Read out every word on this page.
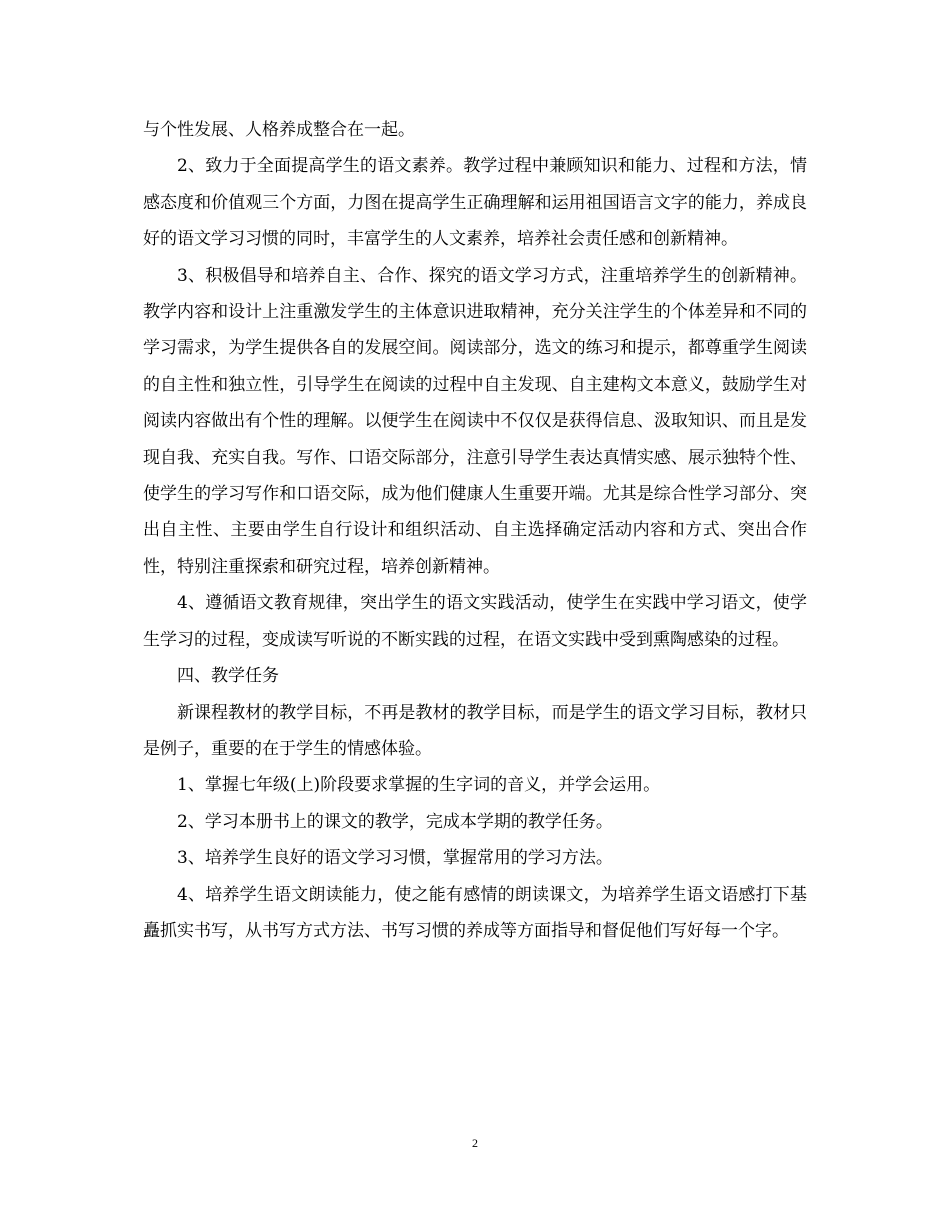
与个性发展、人格养成整合在一起。

2、致力于全面提高学生的语文素养。教学过程中兼顾知识和能力、过程和方法，情感态度和价值观三个方面，力图在提高学生正确理解和运用祖国语言文字的能力，养成良好的语文学习习惯的同时，丰富学生的人文素养，培养社会责任感和创新精神。

3、积极倡导和培养自主、合作、探究的语文学习方式，注重培养学生的创新精神。教学内容和设计上注重激发学生的主体意识进取精神，充分关注学生的个体差异和不同的学习需求，为学生提供各自的发展空间。阅读部分，选文的练习和提示，都尊重学生阅读的自主性和独立性，引导学生在阅读的过程中自主发现、自主建构文本意义，鼓励学生对阅读内容做出有个性的理解。以便学生在阅读中不仅仅是获得信息、汲取知识、而且是发现自我、充实自我。写作、口语交际部分，注意引导学生表达真情实感、展示独特个性、使学生的学习写作和口语交际，成为他们健康人生重要开端。尤其是综合性学习部分、突出自主性、主要由学生自行设计和组织活动、自主选择确定活动内容和方式、突出合作性，特别注重探索和研究过程，培养创新精神。

4、遵循语文教育规律，突出学生的语文实践活动，使学生在实践中学习语文，使学生学习的过程，变成读写听说的不断实践的过程，在语文实践中受到熏陶感染的过程。

四、教学任务

新课程教材的教学目标，不再是教材的教学目标，而是学生的语文学习目标，教材只是例子，重要的在于学生的情感体验。

1、掌握七年级(上)阶段要求掌握的生字词的音义，并学会运用。

2、学习本册书上的课文的教学，完成本学期的教学任务。

3、培养学生良好的语文学习习惯，掌握常用的学习方法。

4、培养学生语文朗读能力，使之能有感情的朗读课文，为培养学生语文语感打下基矗抓实书写，从书写方式方法、书写习惯的养成等方面指导和督促他们写好每一个字。

2
